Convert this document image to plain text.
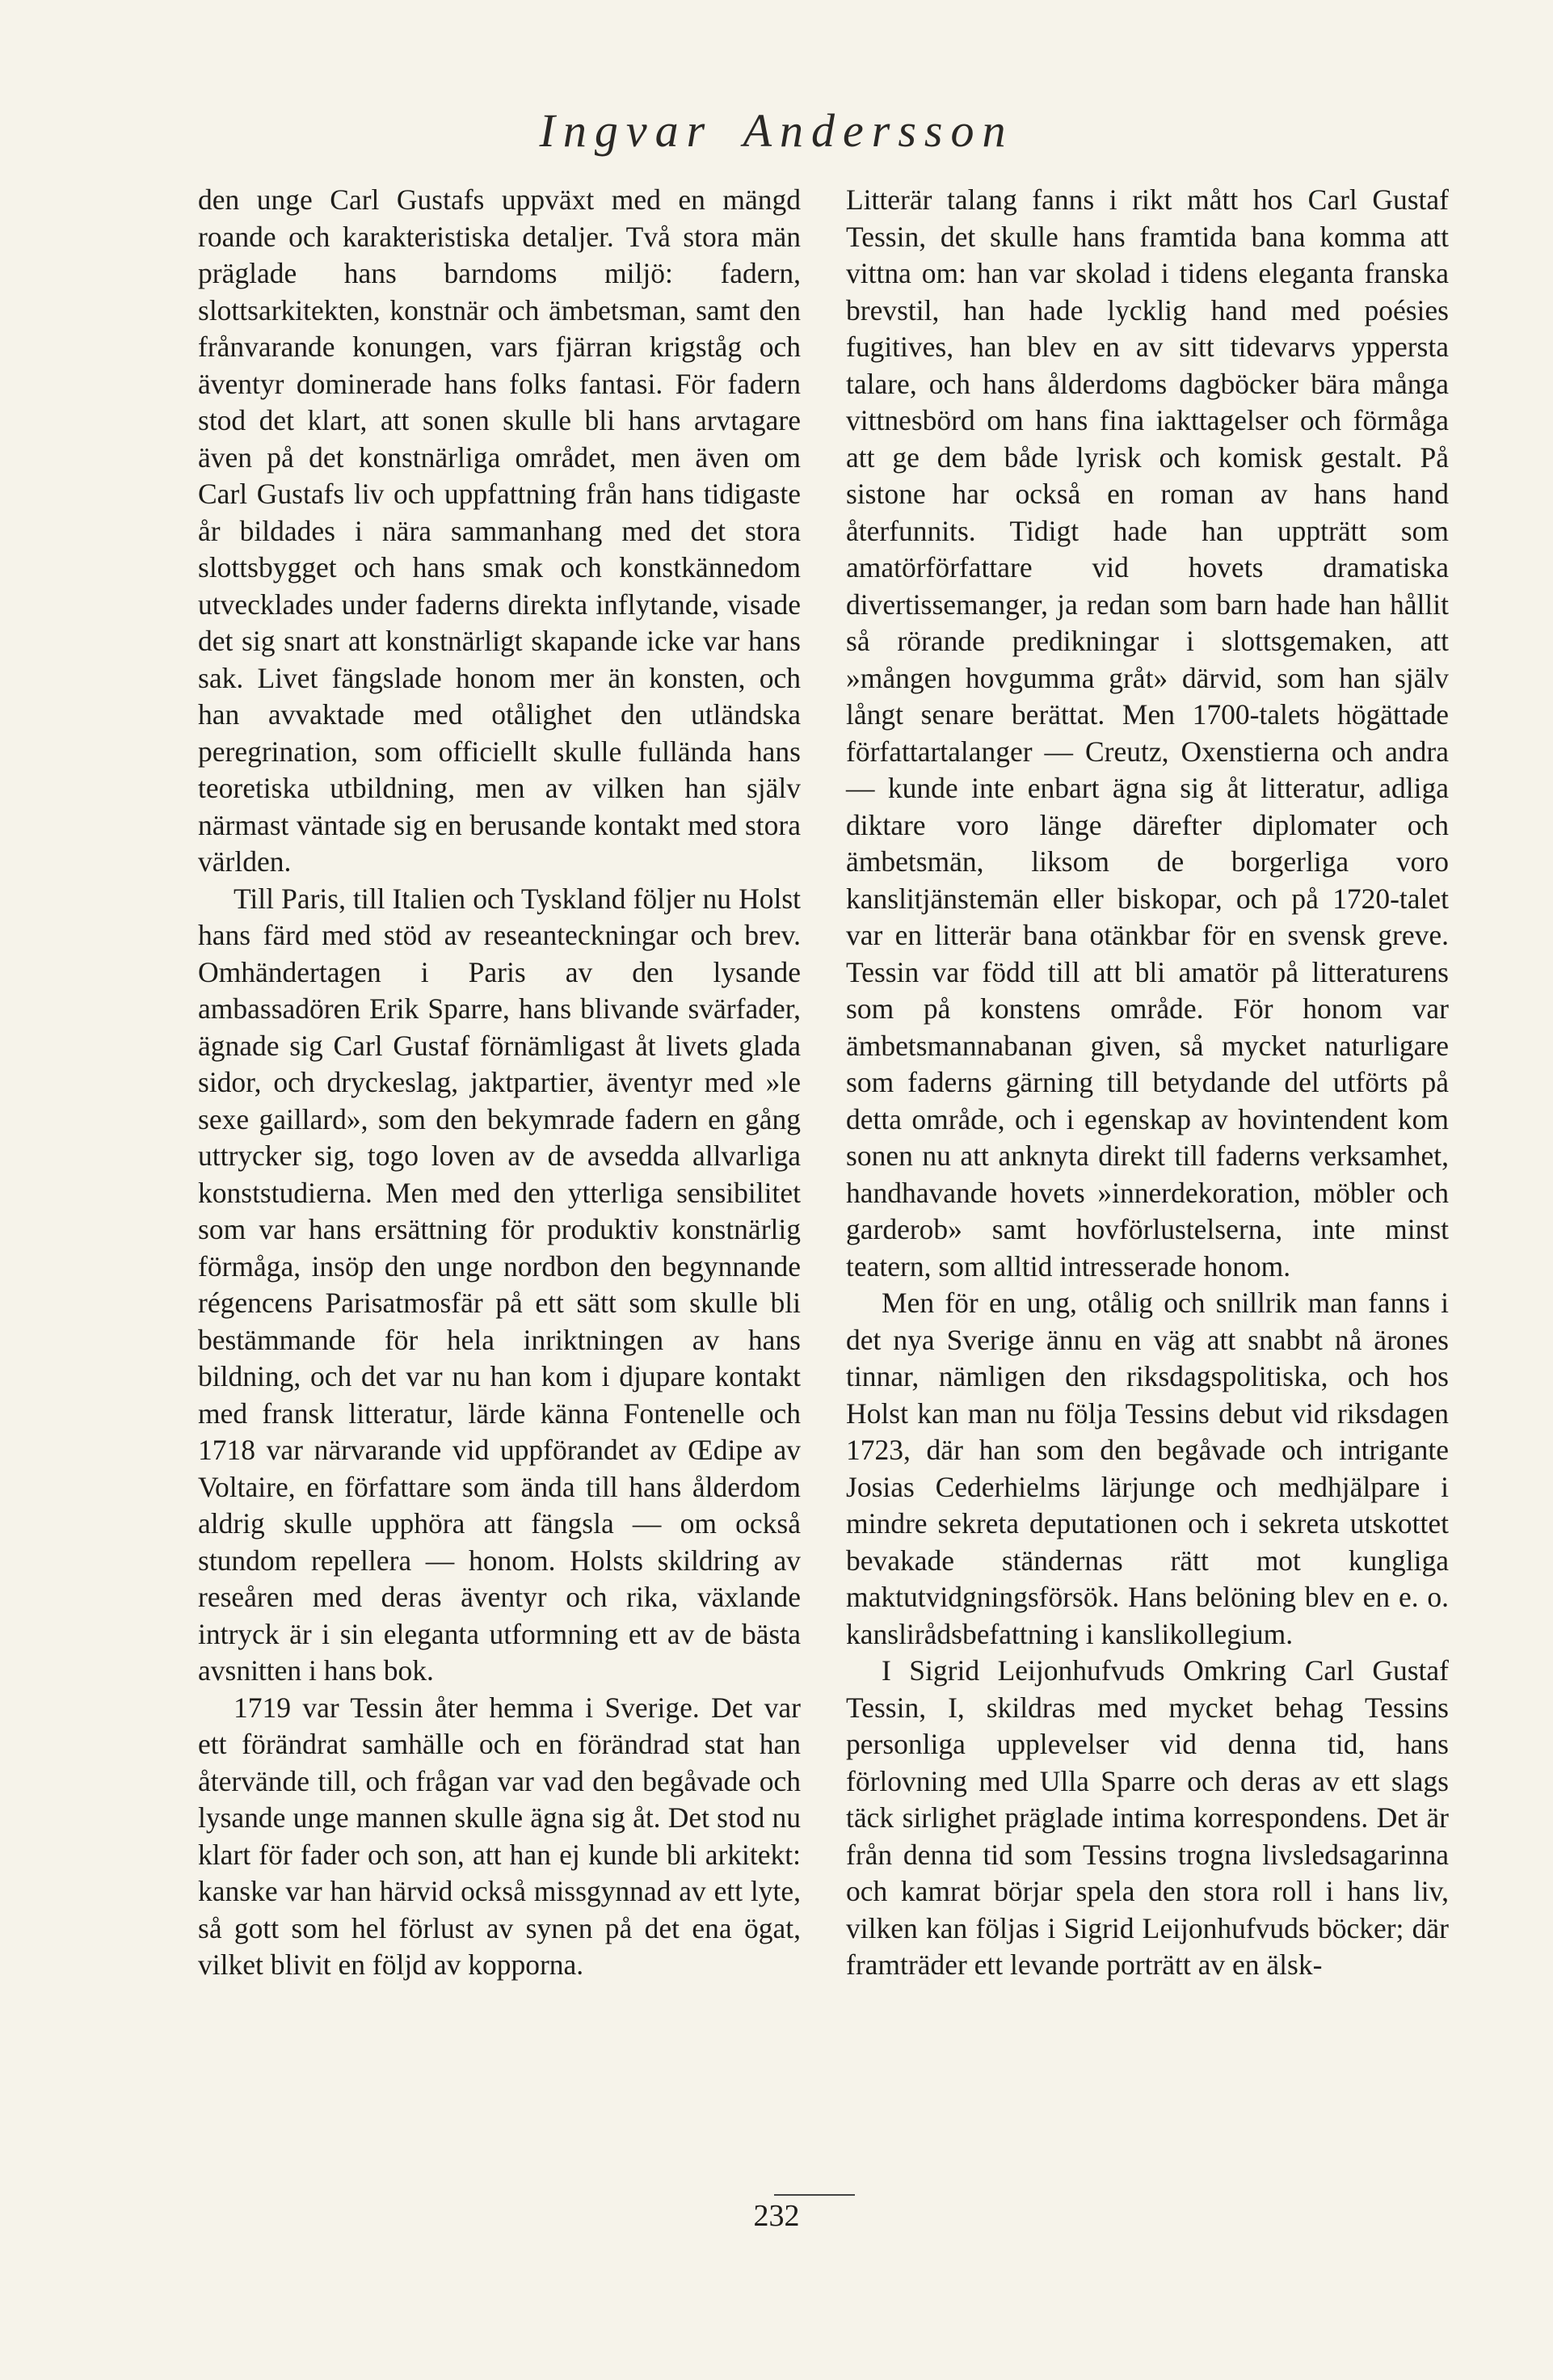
Ingvar Andersson

den unge Carl Gustafs uppväxt med en mängd roande och karakteristiska detaljer. Två stora män präglade hans barndoms miljö: fadern, slottsarkitekten, konstnär och ämbetsman, samt den frånvarande konungen, vars fjärran krigståg och äventyr dominerade hans folks fantasi. För fadern stod det klart, att sonen skulle bli hans arvtagare även på det konstnärliga området, men även om Carl Gustafs liv och uppfattning från hans tidigaste år bildades i nära sammanhang med det stora slottsbygget och hans smak och konstkännedom utvecklades under faderns direkta inflytande, visade det sig snart att konstnärligt skapande icke var hans sak. Livet fängslade honom mer än konsten, och han avvaktade med otålighet den utländska peregrination, som officiellt skulle fullända hans teoretiska utbildning, men av vilken han själv närmast väntade sig en berusande kontakt med stora världen.

Till Paris, till Italien och Tyskland följer nu Holst hans färd med stöd av reseanteckningar och brev. Omhändertagen i Paris av den lysande ambassadören Erik Sparre, hans blivande svärfader, ägnade sig Carl Gustaf förnämligast åt livets glada sidor, och dryckeslag, jaktpartier, äventyr med »le sexe gaillard», som den bekymrade fadern en gång uttrycker sig, togo loven av de avsedda allvarliga konststudierna. Men med den ytterliga sensibilitet som var hans ersättning för produktiv konstnärlig förmåga, insöp den unge nordbon den begynnande régencens Parisatmosfär på ett sätt som skulle bli bestämmande för hela inriktningen av hans bildning, och det var nu han kom i djupare kontakt med fransk litteratur, lärde känna Fontenelle och 1718 var närvarande vid uppförandet av Œdipe av Voltaire, en författare som ända till hans ålderdom aldrig skulle upphöra att fängsla — om också stundom repellera — honom. Holsts skildring av reseåren med deras äventyr och rika, växlande intryck är i sin eleganta utformning ett av de bästa avsnitten i hans bok.

1719 var Tessin åter hemma i Sverige. Det var ett förändrat samhälle och en förändrad stat han återvände till, och frågan var vad den begåvade och lysande unge mannen skulle ägna sig åt. Det stod nu klart för fader och son, att han ej kunde bli arkitekt: kanske var han härvid också missgynnad av ett lyte, så gott som hel förlust av synen på det ena ögat, vilket blivit en följd av kopporna.

Litterär talang fanns i rikt mått hos Carl Gustaf Tessin, det skulle hans framtida bana komma att vittna om: han var skolad i tidens eleganta franska brevstil, han hade lycklig hand med poésies fugitives, han blev en av sitt tidevarvs yppersta talare, och hans ålderdoms dagböcker bära många vittnesbörd om hans fina iakttagelser och förmåga att ge dem både lyrisk och komisk gestalt. På sistone har också en roman av hans hand återfunnits. Tidigt hade han uppträtt som amatörförfattare vid hovets dramatiska divertissemanger, ja redan som barn hade han hållit så rörande predikningar i slottsgemaken, att »mången hovgumma gråt» därvid, som han själv långt senare berättat. Men 1700-talets högättade författartalanger — Creutz, Oxenstierna och andra — kunde inte enbart ägna sig åt litteratur, adliga diktare voro länge därefter diplomater och ämbetsmän, liksom de borgerliga voro kanslitjänstemän eller biskopar, och på 1720-talet var en litterär bana otänkbar för en svensk greve. Tessin var född till att bli amatör på litteraturens som på konstens område. För honom var ämbetsmannabanan given, så mycket naturligare som faderns gärning till betydande del utförts på detta område, och i egenskap av hovintendent kom sonen nu att anknyta direkt till faderns verksamhet, handhavande hovets »innerdekoration, möbler och garderob» samt hovförlustelserna, inte minst teatern, som alltid intresserade honom.

Men för en ung, otålig och snillrik man fanns i det nya Sverige ännu en väg att snabbt nå ärones tinnar, nämligen den riksdagspolitiska, och hos Holst kan man nu följa Tessins debut vid riksdagen 1723, där han som den begåvade och intrigante Josias Cederhielms lärjunge och medhjälpare i mindre sekreta deputationen och i sekreta utskottet bevakade ständernas rätt mot kungliga maktutvidgningsförsök. Hans belöning blev en e. o. kanslirådsbefattning i kanslikollegium.

I Sigrid Leijonhufvuds Omkring Carl Gustaf Tessin, I, skildras med mycket behag Tessins personliga upplevelser vid denna tid, hans förlovning med Ulla Sparre och deras av ett slags täck sirlighet präglade intima korrespondens. Det är från denna tid som Tessins trogna livsledsagarinna och kamrat börjar spela den stora roll i hans liv, vilken kan följas i Sigrid Leijonhufvuds böcker; där framträder ett levande porträtt av en älsk-

232
